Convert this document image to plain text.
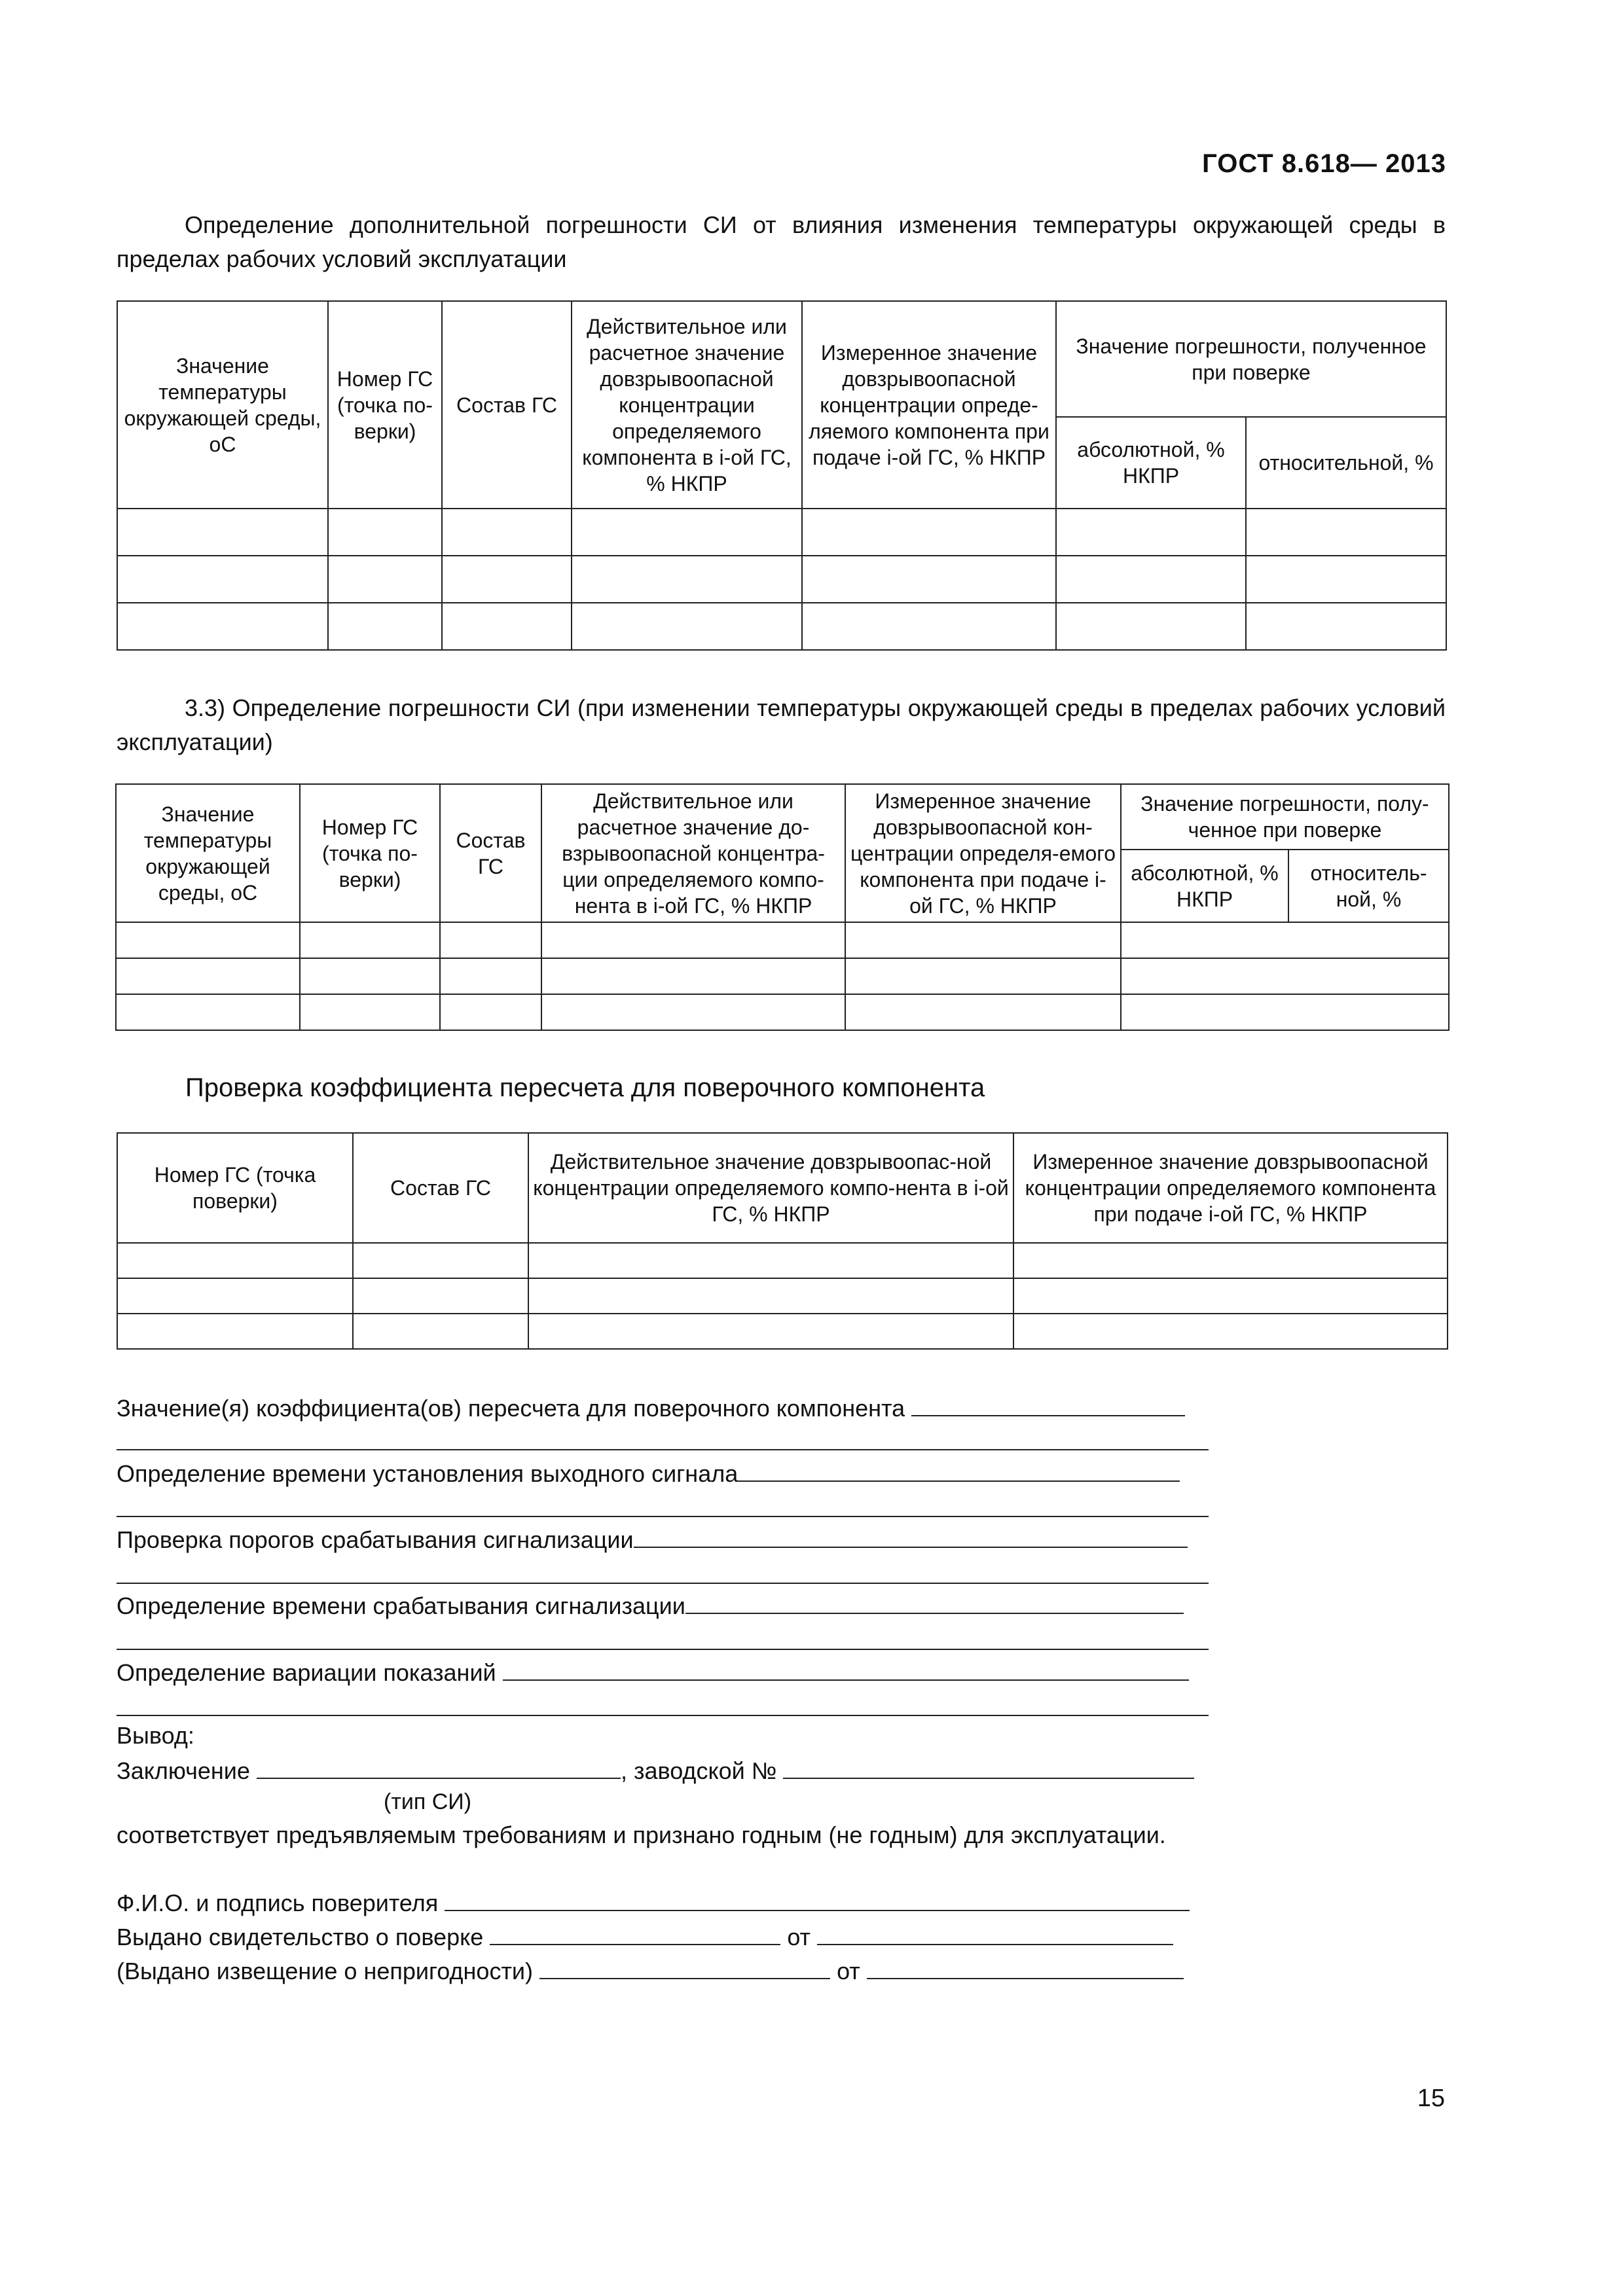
ГОСТ 8.618— 2013
Определение дополнительной погрешности СИ от влияния изменения температуры окружающей среды в пределах рабочих условий эксплуатации
Значение температуры окружающей среды, оС	Номер ГС (точка по-верки)	Состав ГС	Действительное или расчетное значение довзрывоопасной концентрации определяемого компонента в i-ой ГС, % НКПР	Измеренное значение довзрывоопасной концентрации опреде-ляемого компонента при подаче i-ой ГС, % НКПР	Значение погрешности, полученное при поверке	
					абсолютной, % НКПР	относительной, %

3.3) Определение погрешности СИ (при изменении температуры окружающей среды в пределах рабочих условий эксплуатации)
Значение температуры окружающей среды, оС	Номер ГС (точка по-верки)	Состав ГС	Действительное или расчетное значение до-взрывоопасной концентра-ции определяемого компо-нента в i-ой ГС, % НКПР	Измеренное значение довзрывоопасной кон-центрации определя-емого компонента при подаче i-ой ГС, % НКПР	Значение погрешности, полу-ченное при поверке	
					абсолютной, % НКПР	относитель-ной, %

Проверка коэффициента пересчета для поверочного компонента
Номер ГС (точка поверки)	Состав ГС	Действительное значение довзрывоопас-ной концентрации определяемого компо-нента в i-ой ГС, % НКПР	Измеренное значение довзрывоопасной концентрации определяемого компонента при подаче i-ой ГС, % НКПР

Значение(я) коэффициента(ов) пересчета для поверочного компонента
Определение времени установления выходного сигнала
Проверка порогов срабатывания сигнализации
Определение времени срабатывания сигнализации
Определение вариации показаний
Вывод:
Заключение	, заводской №
(тип СИ)
соответствует предъявляемым требованиям и признано годным (не годным) для эксплуатации.
Ф.И.О. и подпись поверителя
Выдано свидетельство о поверке	от
(Выдано извещение о непригодности)	от
15
